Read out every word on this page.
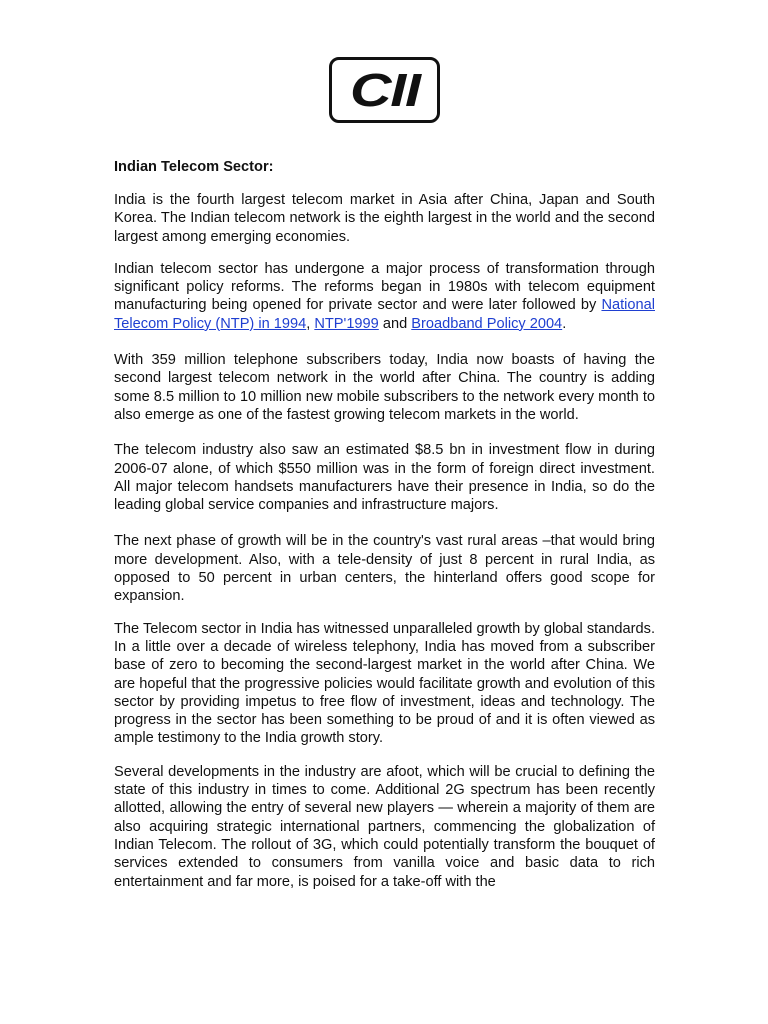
CII
Indian Telecom Sector:

India is the fourth largest telecom market in Asia after China, Japan and South Korea. The Indian telecom network is the eighth largest in the world and the second largest among emerging economies.

Indian telecom sector has undergone a major process of transformation through significant policy reforms. The reforms began in 1980s with telecom equipment manufacturing being opened for private sector and were later followed by National Telecom Policy (NTP) in 1994, NTP'1999 and Broadband Policy 2004.

With 359 million telephone subscribers today, India now boasts of having the second largest telecom network in the world after China. The country is adding some 8.5 million to 10 million new mobile subscribers to the network every month to also emerge as one of the fastest growing telecom markets in the world.

The telecom industry also saw an estimated $8.5 bn in investment flow in during 2006-07 alone, of which $550 million was in the form of foreign direct investment. All major telecom handsets manufacturers have their presence in India, so do the leading global service companies and infrastructure majors.

The next phase of growth will be in the country's vast rural areas –that would bring more development. Also, with a tele-density of just 8 percent in rural India, as opposed to 50 percent in urban centers, the hinterland offers good scope for expansion.

The Telecom sector in India has witnessed unparalleled growth by global standards. In a little over a decade of wireless telephony, India has moved from a subscriber base of zero to becoming the second-largest market in the world after China. We are hopeful that the progressive policies would facilitate growth and evolution of this sector by providing impetus to free flow of investment, ideas and technology. The progress in the sector has been something to be proud of and it is often viewed as ample testimony to the India growth story.

Several developments in the industry are afoot, which will be crucial to defining the state of this industry in times to come. Additional 2G spectrum has been recently allotted, allowing the entry of several new players — wherein a majority of them are also acquiring strategic international partners, commencing the globalization of Indian Telecom. The rollout of 3G, which could potentially transform the bouquet of services extended to consumers from vanilla voice and basic data to rich entertainment and far more, is poised for a take-off with the
